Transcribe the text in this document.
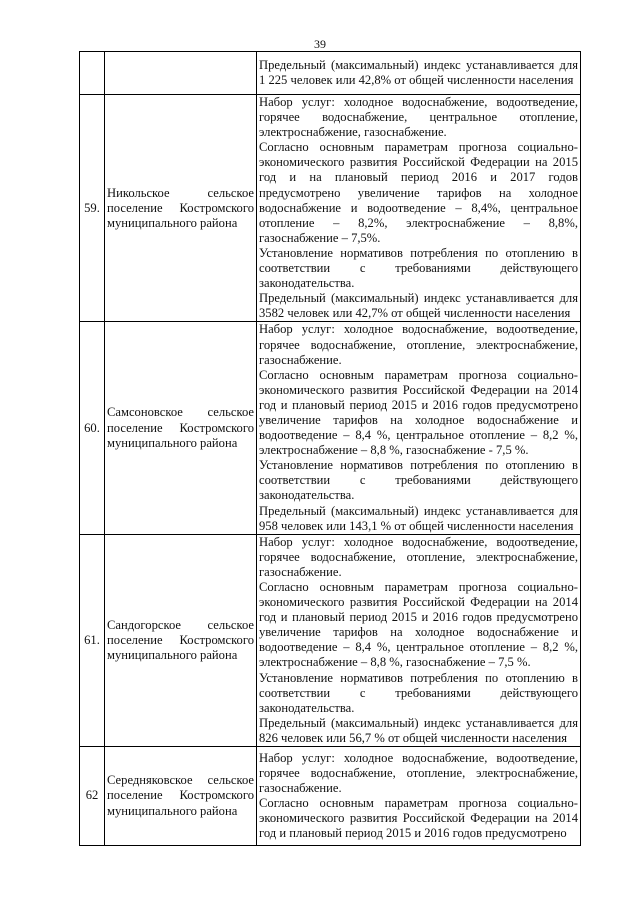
39

		Предельный (максимальный) индекс устанавливается для 1 225 человек или 42,8% от общей численности населения

59.	Никольское сельское поселение Костромского муниципального района	Набор услуг: холодное водоснабжение, водоотведение, горячее водоснабжение, центральное отопление, электроснабжение, газоснабжение.

Согласно основным параметрам прогноза социально-экономического развития Российской Федерации на 2015 год и на плановый период 2016 и 2017 годов предусмотрено увеличение тарифов на холодное водоснабжение и водоотведение – 8,4%, центральное отопление – 8,2%, электроснабжение – 8,8%, газоснабжение – 7,5%.

Установление нормативов потребления по отоплению в соответствии с требованиями действующего законодательства.

Предельный (максимальный) индекс устанавливается для 3582 человек или 42,7% от общей численности населения

60.	Самсоновское сельское поселение Костромского муниципального района	Набор услуг: холодное водоснабжение, водоотведение, горячее водоснабжение, отопление, электроснабжение, газоснабжение.

Согласно основным параметрам прогноза социально-экономического развития Российской Федерации на 2014 год и плановый период 2015 и 2016 годов предусмотрено увеличение тарифов на холодное водоснабжение и водоотведение – 8,4 %, центральное отопление – 8,2 %, электроснабжение – 8,8 %, газоснабжение - 7,5 %.

Установление нормативов потребления по отоплению в соответствии с требованиями действующего законодательства.

Предельный (максимальный) индекс устанавливается для 958 человек или 143,1 % от общей численности населения

61.	Сандогорское сельское поселение Костромского муниципального района	Набор услуг: холодное водоснабжение, водоотведение, горячее водоснабжение, отопление, электроснабжение, газоснабжение.

Согласно основным параметрам прогноза социально-экономического развития Российской Федерации на 2014 год и плановый период 2015 и 2016 годов предусмотрено увеличение тарифов на холодное водоснабжение и водоотведение – 8,4 %, центральное отопление – 8,2 %, электроснабжение – 8,8 %, газоснабжение – 7,5 %.

Установление нормативов потребления по отоплению в соответствии с требованиями действующего законодательства.

Предельный (максимальный) индекс устанавливается для 826 человек или 56,7 % от общей численности населения

62	Середняковское сельское поселение Костромского муниципального района	Набор услуг: холодное водоснабжение, водоотведение, горячее водоснабжение, отопление, электроснабжение, газоснабжение.

Согласно основным параметрам прогноза социально-экономического развития Российской Федерации на 2014 год и плановый период 2015 и 2016 годов предусмотрено
